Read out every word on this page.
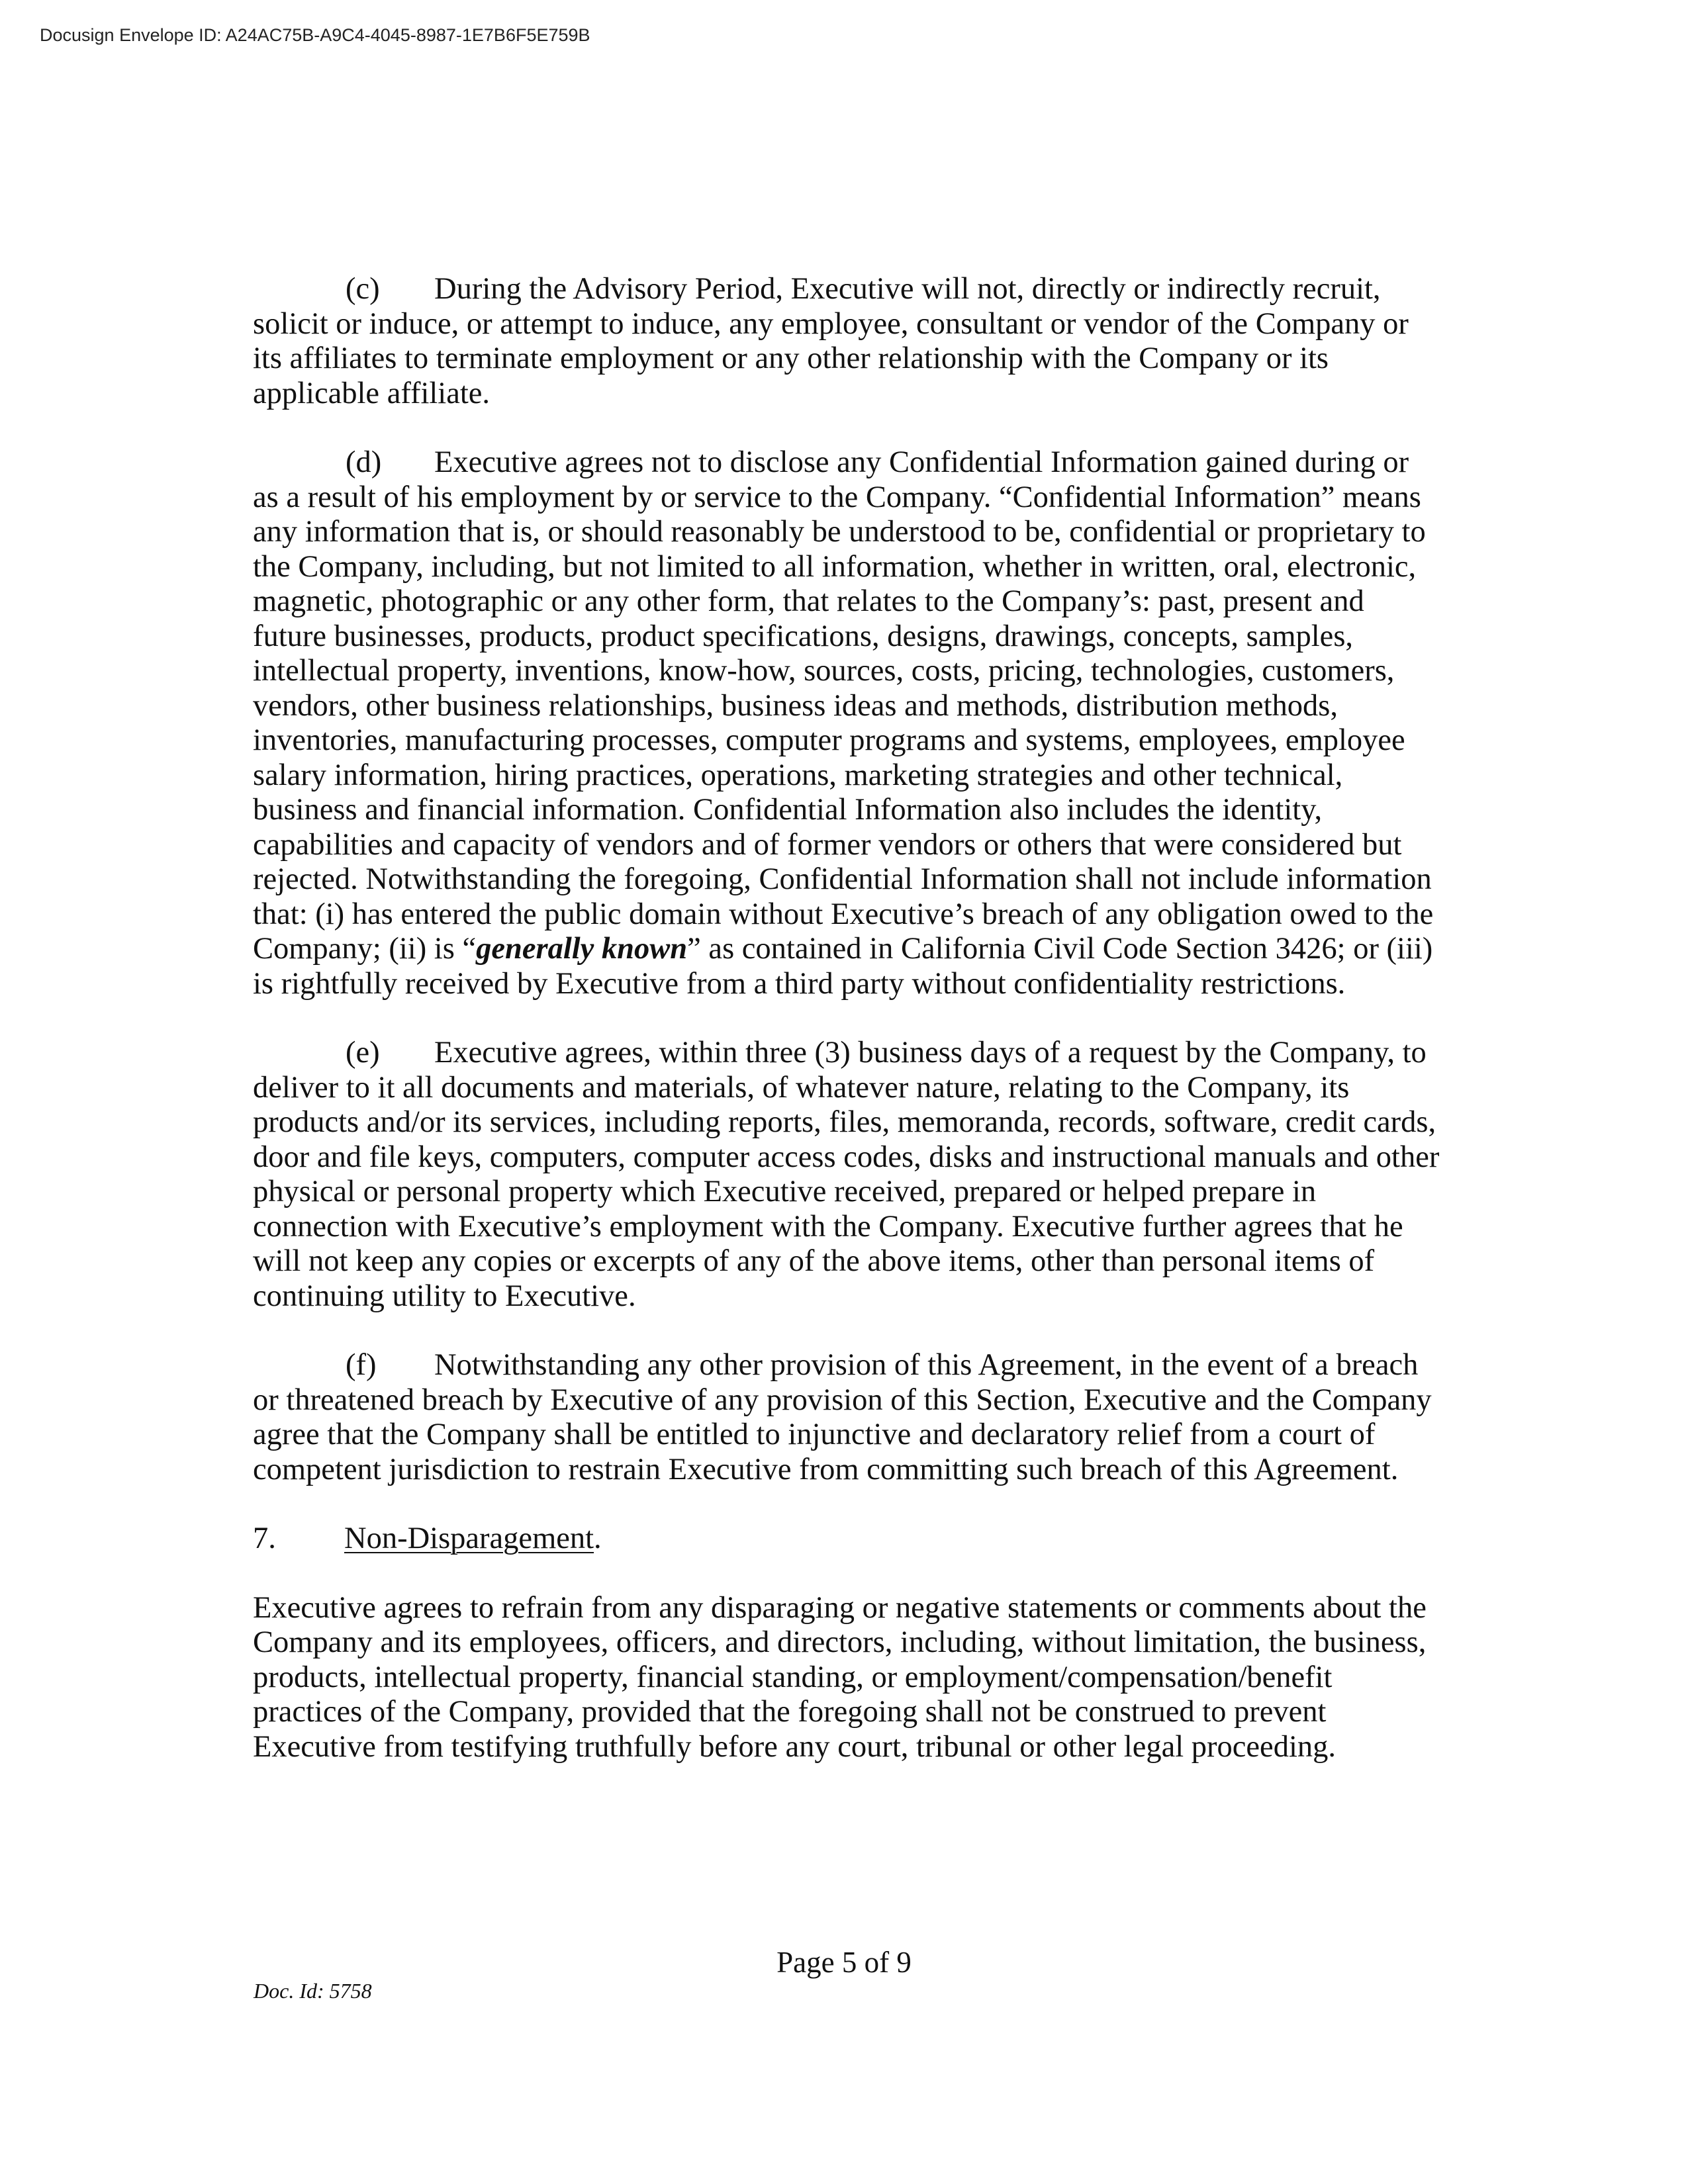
Docusign Envelope ID: A24AC75B-A9C4-4045-8987-1E7B6F5E759B

(c) During the Advisory Period, Executive will not, directly or indirectly recruit, solicit or induce, or attempt to induce, any employee, consultant or vendor of the Company or its affiliates to terminate employment or any other relationship with the Company or its applicable affiliate.

(d) Executive agrees not to disclose any Confidential Information gained during or as a result of his employment by or service to the Company. “Confidential Information” means any information that is, or should reasonably be understood to be, confidential or proprietary to the Company, including, but not limited to all information, whether in written, oral, electronic, magnetic, photographic or any other form, that relates to the Company’s: past, present and future businesses, products, product specifications, designs, drawings, concepts, samples, intellectual property, inventions, know-how, sources, costs, pricing, technologies, customers, vendors, other business relationships, business ideas and methods, distribution methods, inventories, manufacturing processes, computer programs and systems, employees, employee salary information, hiring practices, operations, marketing strategies and other technical, business and financial information. Confidential Information also includes the identity, capabilities and capacity of vendors and of former vendors or others that were considered but rejected. Notwithstanding the foregoing, Confidential Information shall not include information that: (i) has entered the public domain without Executive’s breach of any obligation owed to the Company; (ii) is “generally known” as contained in California Civil Code Section 3426; or (iii) is rightfully received by Executive from a third party without confidentiality restrictions.

(e) Executive agrees, within three (3) business days of a request by the Company, to deliver to it all documents and materials, of whatever nature, relating to the Company, its products and/or its services, including reports, files, memoranda, records, software, credit cards, door and file keys, computers, computer access codes, disks and instructional manuals and other physical or personal property which Executive received, prepared or helped prepare in connection with Executive’s employment with the Company. Executive further agrees that he will not keep any copies or excerpts of any of the above items, other than personal items of continuing utility to Executive.

(f) Notwithstanding any other provision of this Agreement, in the event of a breach or threatened breach by Executive of any provision of this Section, Executive and the Company agree that the Company shall be entitled to injunctive and declaratory relief from a court of competent jurisdiction to restrain Executive from committing such breach of this Agreement.

7. Non-Disparagement.

Executive agrees to refrain from any disparaging or negative statements or comments about the Company and its employees, officers, and directors, including, without limitation, the business, products, intellectual property, financial standing, or employment/compensation/benefit practices of the Company, provided that the foregoing shall not be construed to prevent Executive from testifying truthfully before any court, tribunal or other legal proceeding.

Page 5 of 9
Doc. Id: 5758
